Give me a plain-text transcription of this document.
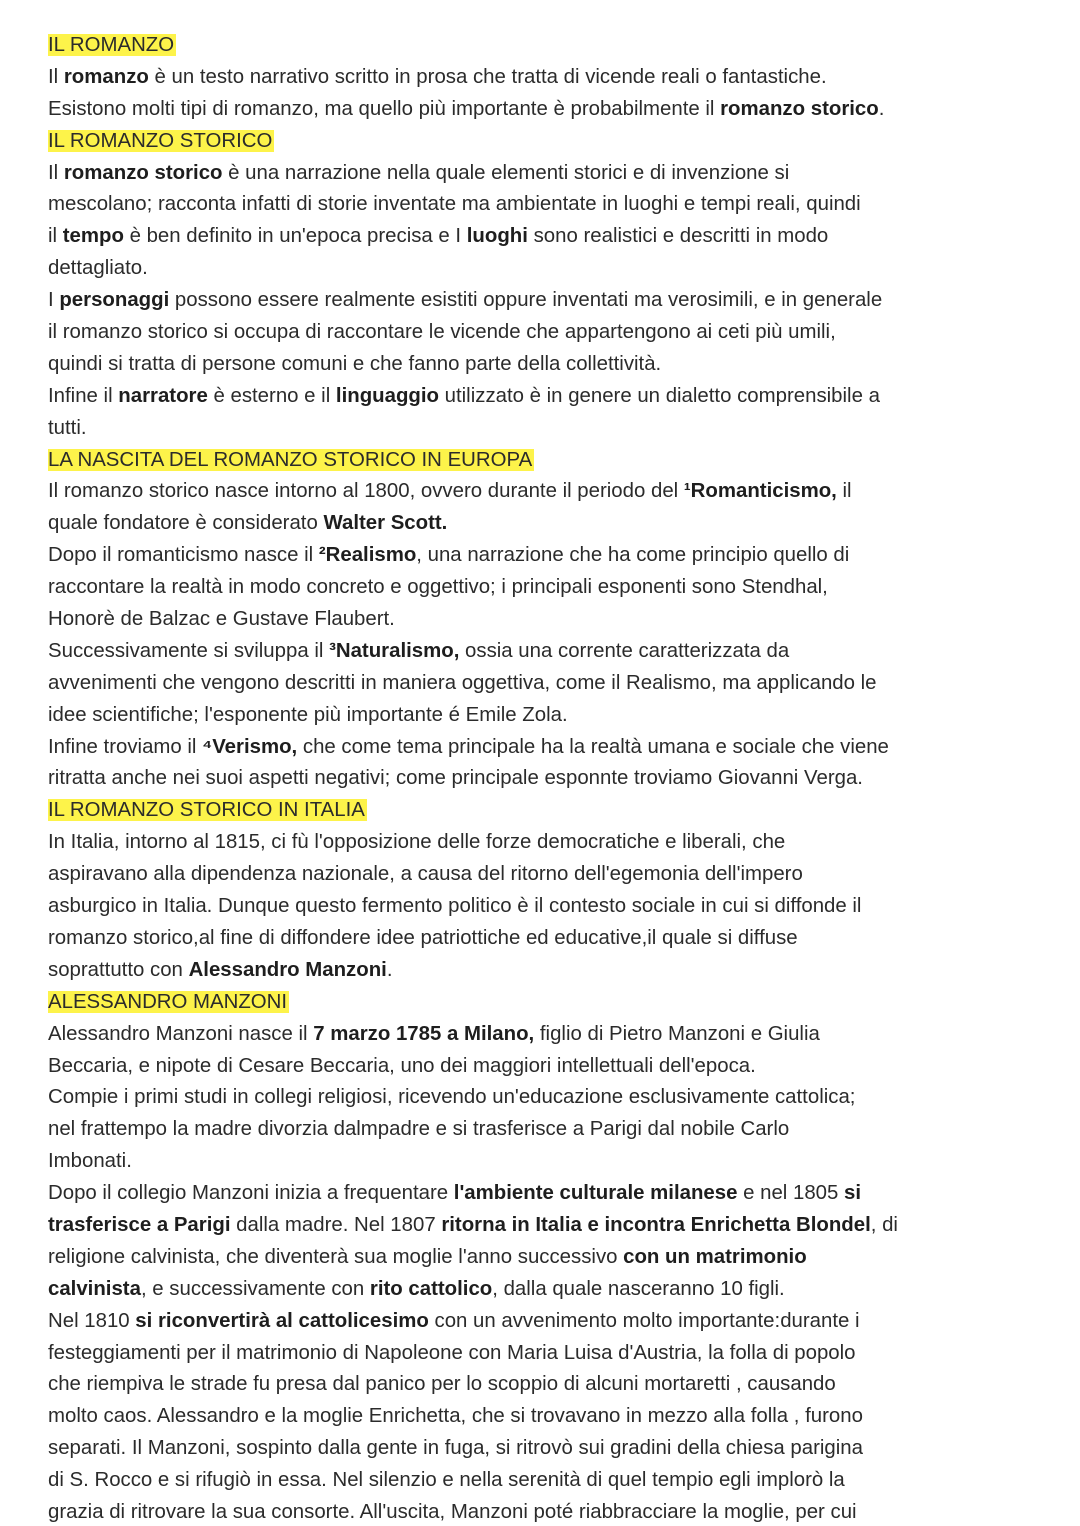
IL ROMANZO
Il romanzo è un testo narrativo scritto in prosa che tratta di vicende reali o fantastiche.
Esistono molti tipi di romanzo, ma quello più importante è probabilmente il romanzo storico.
IL ROMANZO STORICO
Il romanzo storico è una narrazione nella quale elementi storici e di invenzione si
mescolano; racconta infatti di storie inventate ma ambientate in luoghi e tempi reali, quindi
il tempo è ben definito in un'epoca precisa e I luoghi sono realistici e descritti in modo
dettagliato.
I personaggi possono essere realmente esistiti oppure inventati ma verosimili, e in generale
il romanzo storico si occupa di raccontare le vicende che appartengono ai ceti più umili,
quindi si tratta di persone comuni e che fanno parte della collettività.
Infine il narratore è esterno e il linguaggio utilizzato è in genere un dialetto comprensibile a
tutti.
LA NASCITA DEL ROMANZO STORICO IN EUROPA
Il romanzo storico nasce intorno al 1800, ovvero durante il periodo del ¹Romanticismo, il
quale fondatore è considerato Walter Scott.
Dopo il romanticismo nasce il ²Realismo, una narrazione che ha come principio quello di
raccontare la realtà in modo concreto e oggettivo; i principali esponenti sono Stendhal,
Honorè de Balzac e Gustave Flaubert.
Successivamente si sviluppa il ³Naturalismo, ossia una corrente caratterizzata da
avvenimenti che vengono descritti in maniera oggettiva, come il Realismo, ma applicando le
idee scientifiche; l'esponente più importante é Emile Zola.
Infine troviamo il ⁴Verismo, che come tema principale ha la realtà umana e sociale che viene
ritratta anche nei suoi aspetti negativi; come principale esponnte troviamo Giovanni Verga.
IL ROMANZO STORICO IN ITALIA
In Italia, intorno al 1815, ci fù l'opposizione delle forze democratiche e liberali, che
aspiravano alla dipendenza nazionale, a causa del ritorno dell'egemonia dell'impero
asburgico in Italia. Dunque questo fermento politico è il contesto sociale in cui si diffonde il
romanzo storico,al fine di diffondere idee patriottiche ed educative,il quale si diffuse
soprattutto con Alessandro Manzoni.
ALESSANDRO MANZONI
Alessandro Manzoni nasce il 7 marzo 1785 a Milano, figlio di Pietro Manzoni e Giulia
Beccaria, e nipote di Cesare Beccaria, uno dei maggiori intellettuali dell'epoca.
Compie i primi studi in collegi religiosi, ricevendo un'educazione esclusivamente cattolica;
nel frattempo la madre divorzia dalmpadre e si trasferisce a Parigi dal nobile Carlo
Imbonati.
Dopo il collegio Manzoni inizia a frequentare l'ambiente culturale milanese e nel 1805 si
trasferisce a Parigi dalla madre. Nel 1807 ritorna in Italia e incontra Enrichetta Blondel, di
religione calvinista, che diventerà sua moglie l'anno successivo con un matrimonio
calvinista, e successivamente con rito cattolico, dalla quale nasceranno 10 figli.
Nel 1810 si riconvertirà al cattolicesimo con un avvenimento molto importante:durante i
festeggiamenti per il matrimonio di Napoleone con Maria Luisa d'Austria, la folla di popolo
che riempiva le strade fu presa dal panico per lo scoppio di alcuni mortaretti , causando
molto caos. Alessandro e la moglie Enrichetta, che si trovavano in mezzo alla folla , furono
separati. Il Manzoni, sospinto dalla gente in fuga, si ritrovò sui gradini della chiesa parigina
di S. Rocco e si rifugiò in essa. Nel silenzio e nella serenità di quel tempio egli implorò la
grazia di ritrovare la sua consorte. All'uscita, Manzoni poté riabbracciare la moglie, per cui
